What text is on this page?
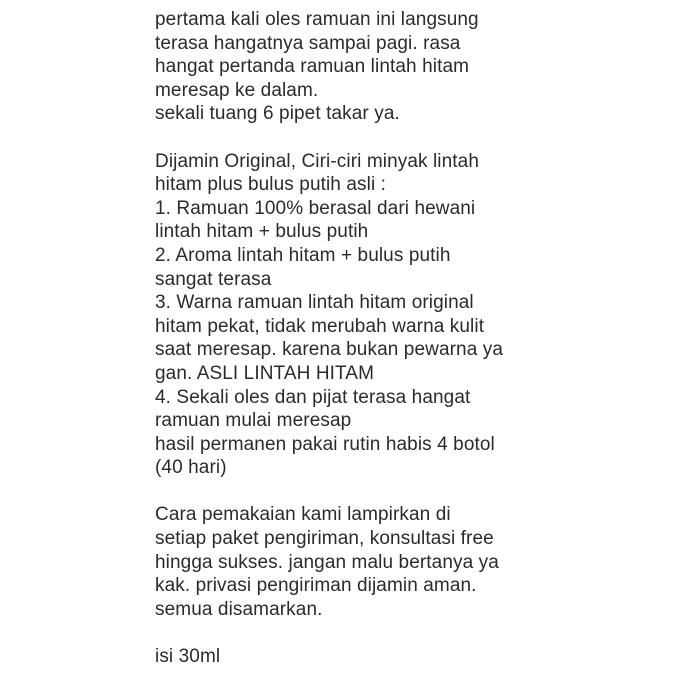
pertama kali oles ramuan ini langsung
terasa hangatnya sampai pagi. rasa
hangat pertanda ramuan lintah hitam
meresap ke dalam.
sekali tuang 6 pipet takar ya.
Dijamin Original, Ciri-ciri minyak lintah
hitam plus bulus putih asli :
1. Ramuan 100% berasal dari hewani
lintah hitam + bulus putih
2. Aroma lintah hitam + bulus putih
sangat terasa
3. Warna ramuan lintah hitam original
hitam pekat, tidak merubah warna kulit
saat meresap. karena bukan pewarna ya
gan. ASLI LINTAH HITAM
4. Sekali oles dan pijat terasa hangat
ramuan mulai meresap
hasil permanen pakai rutin habis 4 botol
(40 hari)
Cara pemakaian kami lampirkan di
setiap paket pengiriman, konsultasi free
hingga sukses. jangan malu bertanya ya
kak. privasi pengiriman dijamin aman.
semua disamarkan.
isi 30ml
